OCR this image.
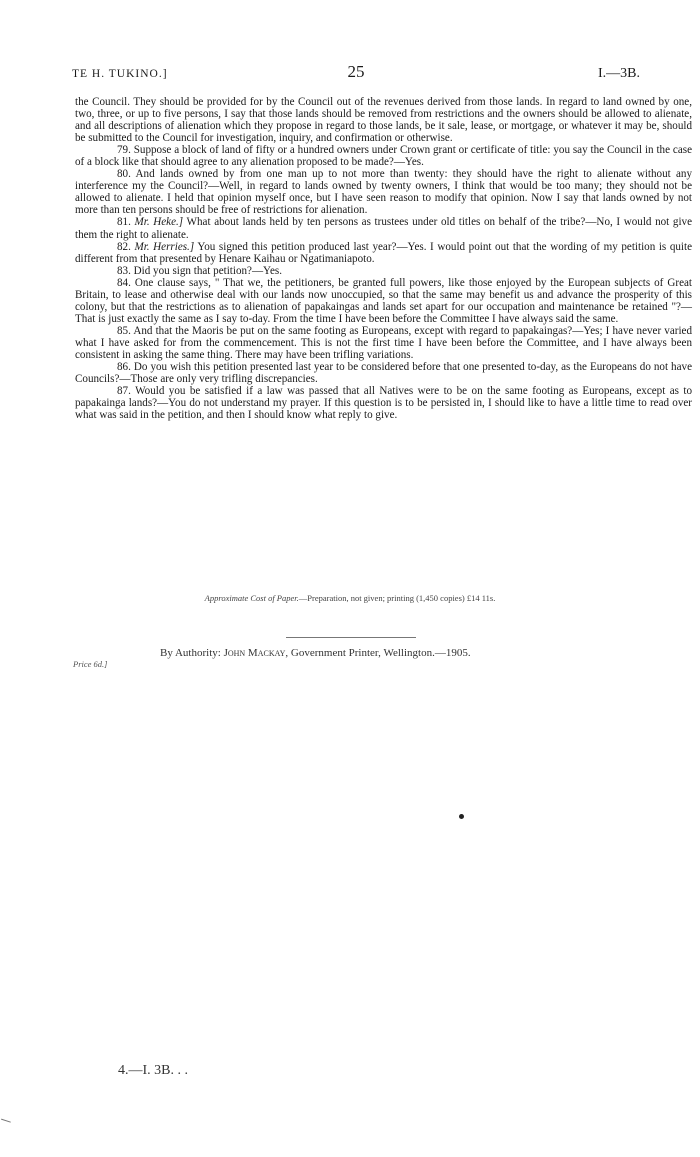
TE H. TUKINO.]	25	I.—3B.

the Council. They should be provided for by the Council out of the revenues derived from those lands. In regard to land owned by one, two, three, or up to five persons, I say that those lands should be removed from restrictions and the owners should be allowed to alienate, and all descriptions of alienation which they propose in regard to those lands, be it sale, lease, or mortgage, or whatever it may be, should be submitted to the Council for investigation, inquiry, and confirmation or otherwise.

79. Suppose a block of land of fifty or a hundred owners under Crown grant or certificate of title: you say the Council in the case of a block like that should agree to any alienation proposed to be made?—Yes.

80. And lands owned by from one man up to not more than twenty: they should have the right to alienate without any interference my the Council?—Well, in regard to lands owned by twenty owners, I think that would be too many; they should not be allowed to alienate. I held that opinion myself once, but I have seen reason to modify that opinion. Now I say that lands owned by not more than ten persons should be free of restrictions for alienation.

81. Mr. Heke.] What about lands held by ten persons as trustees under old titles on behalf of the tribe?—No, I would not give them the right to alienate.

82. Mr. Herries.] You signed this petition produced last year?—Yes. I would point out that the wording of my petition is quite different from that presented by Henare Kaihau or Ngatimaniapoto.

83. Did you sign that petition?—Yes.

84. One clause says, " That we, the petitioners, be granted full powers, like those enjoyed by the European subjects of Great Britain, to lease and otherwise deal with our lands now unoccupied, so that the same may benefit us and advance the prosperity of this colony, but that the restrictions as to alienation of papakaingas and lands set apart for our occupation and maintenance be retained "?—That is just exactly the same as I say to-day. From the time I have been before the Committee I have always said the same.

85. And that the Maoris be put on the same footing as Europeans, except with regard to papakaingas?—Yes; I have never varied what I have asked for from the commencement. This is not the first time I have been before the Committee, and I have always been consistent in asking the same thing. There may have been trifling variations.

86. Do you wish this petition presented last year to be considered before that one presented to-day, as the Europeans do not have Councils?—Those are only very trifling discrepancies.

87. Would you be satisfied if a law was passed that all Natives were to be on the same footing as Europeans, except as to papakainga lands?—You do not understand my prayer. If this question is to be persisted in, I should like to have a little time to read over what was said in the petition, and then I should know what reply to give.

Approximate Cost of Paper.—Preparation, not given; printing (1,450 copies) £14 11s.
By Authority: John Mackay, Government Printer, Wellington.—1905.
Price 6d.]
4.—I. 3B. . .
